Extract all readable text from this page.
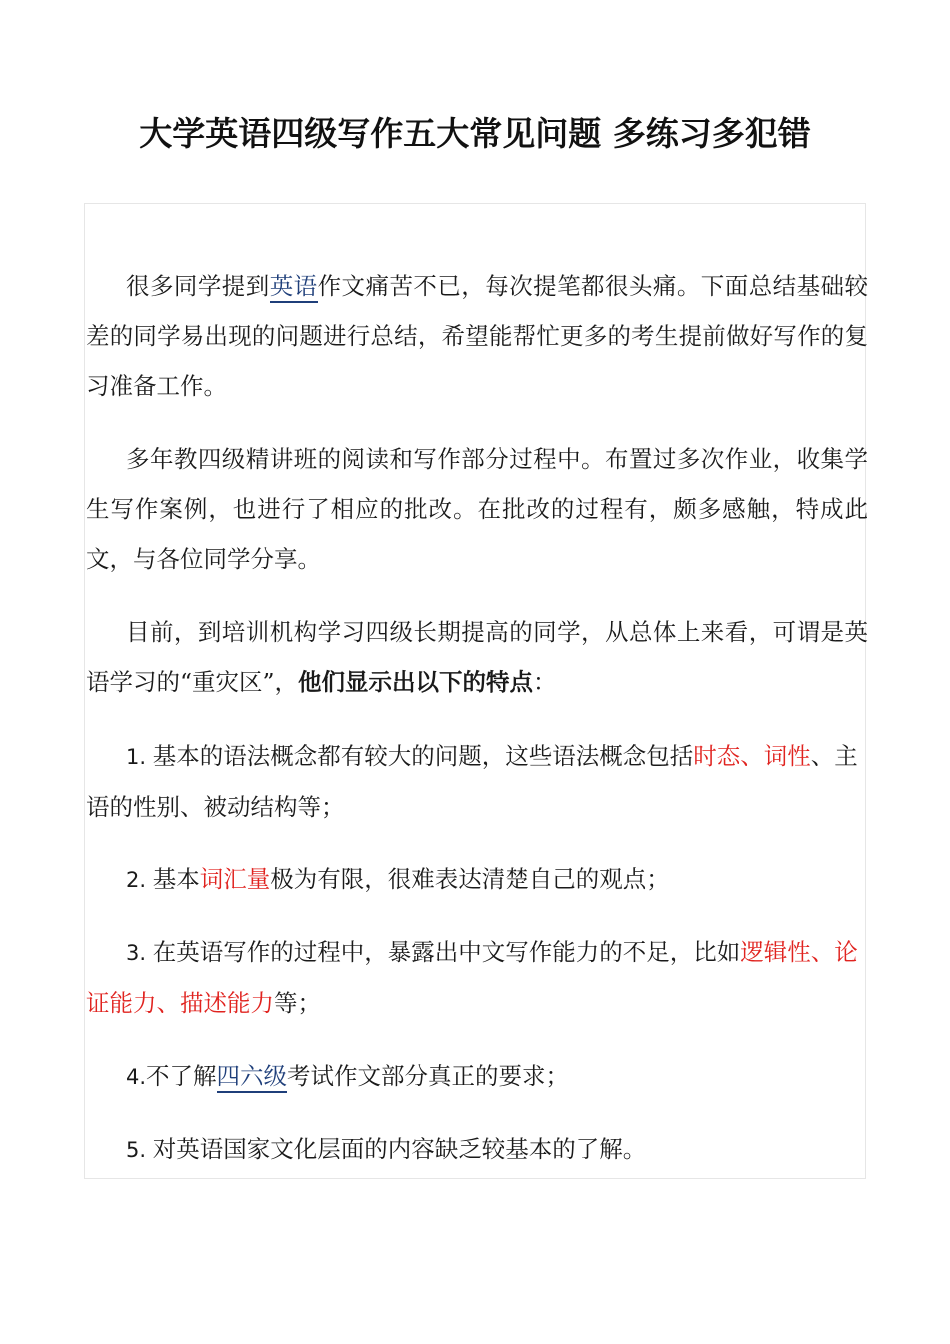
大学英语四级写作五大常见问题 多练习多犯错

很多同学提到英语作文痛苦不已，每次提笔都很头痛。下面总结基础较差的同学易出现的问题进行总结，希望能帮忙更多的考生提前做好写作的复习准备工作。

多年教四级精讲班的阅读和写作部分过程中。布置过多次作业，收集学生写作案例，也进行了相应的批改。在批改的过程有，颇多感触，特成此文，与各位同学分享。

目前，到培训机构学习四级长期提高的同学，从总体上来看，可谓是英语学习的“重灾区”，他们显示出以下的特点：

1. 基本的语法概念都有较大的问题，这些语法概念包括时态、词性、主语的性别、被动结构等；

2. 基本词汇量极为有限，很难表达清楚自己的观点；

3. 在英语写作的过程中，暴露出中文写作能力的不足，比如逻辑性、论证能力、描述能力等；

4.不了解四六级考试作文部分真正的要求；

5. 对英语国家文化层面的内容缺乏较基本的了解。
